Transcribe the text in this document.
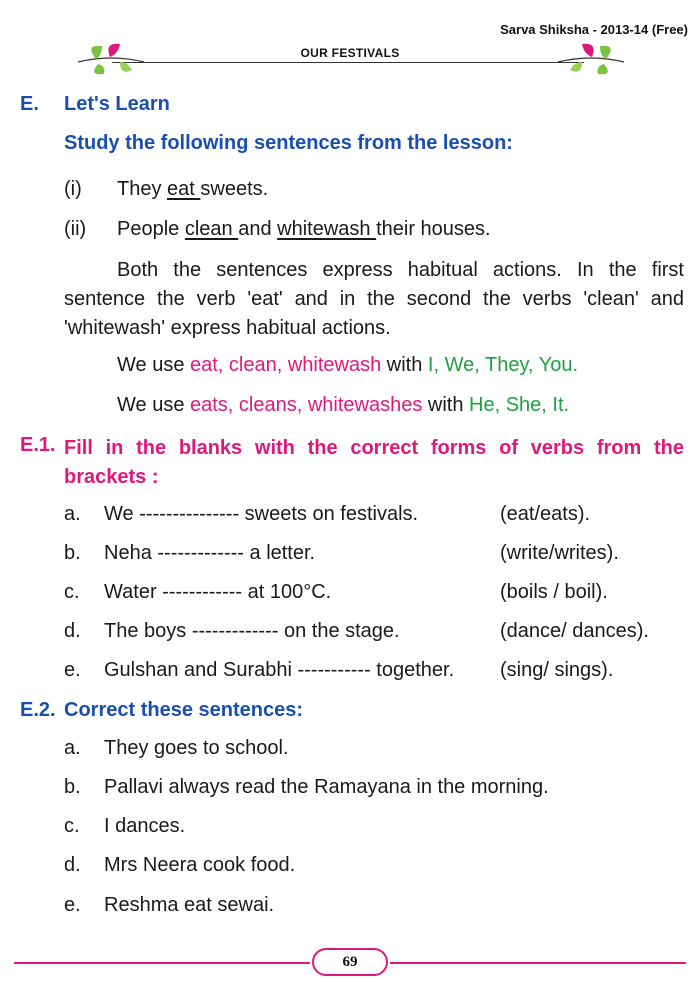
Sarva Shiksha - 2013-14 (Free)
OUR FESTIVALS
E. Let's Learn
Study the following sentences from the lesson:
(i) They eat sweets.
(ii) People clean and whitewash their houses.
Both the sentences express habitual actions. In the first sentence the verb 'eat' and in the second the verbs 'clean' and 'whitewash' express habitual actions.
We use eat, clean, whitewash with I, We, They, You.
We use eats, cleans, whitewashes with He, She, It.
E.1. Fill in the blanks with the correct forms of verbs from the brackets :
a. We --------------- sweets on festivals.	(eat/eats).
b. Neha ------------- a letter.	(write/writes).
c. Water ------------ at 100°C.	(boils / boil).
d. The boys ------------- on the stage.	(dance/ dances).
e. Gulshan and Surabhi ----------- together. (sing/ sings).
E.2. Correct these sentences:
a. They goes to school.
b. Pallavi always read the Ramayana in the morning.
c. I dances.
d. Mrs Neera cook food.
e. Reshma eat sewai.
69
